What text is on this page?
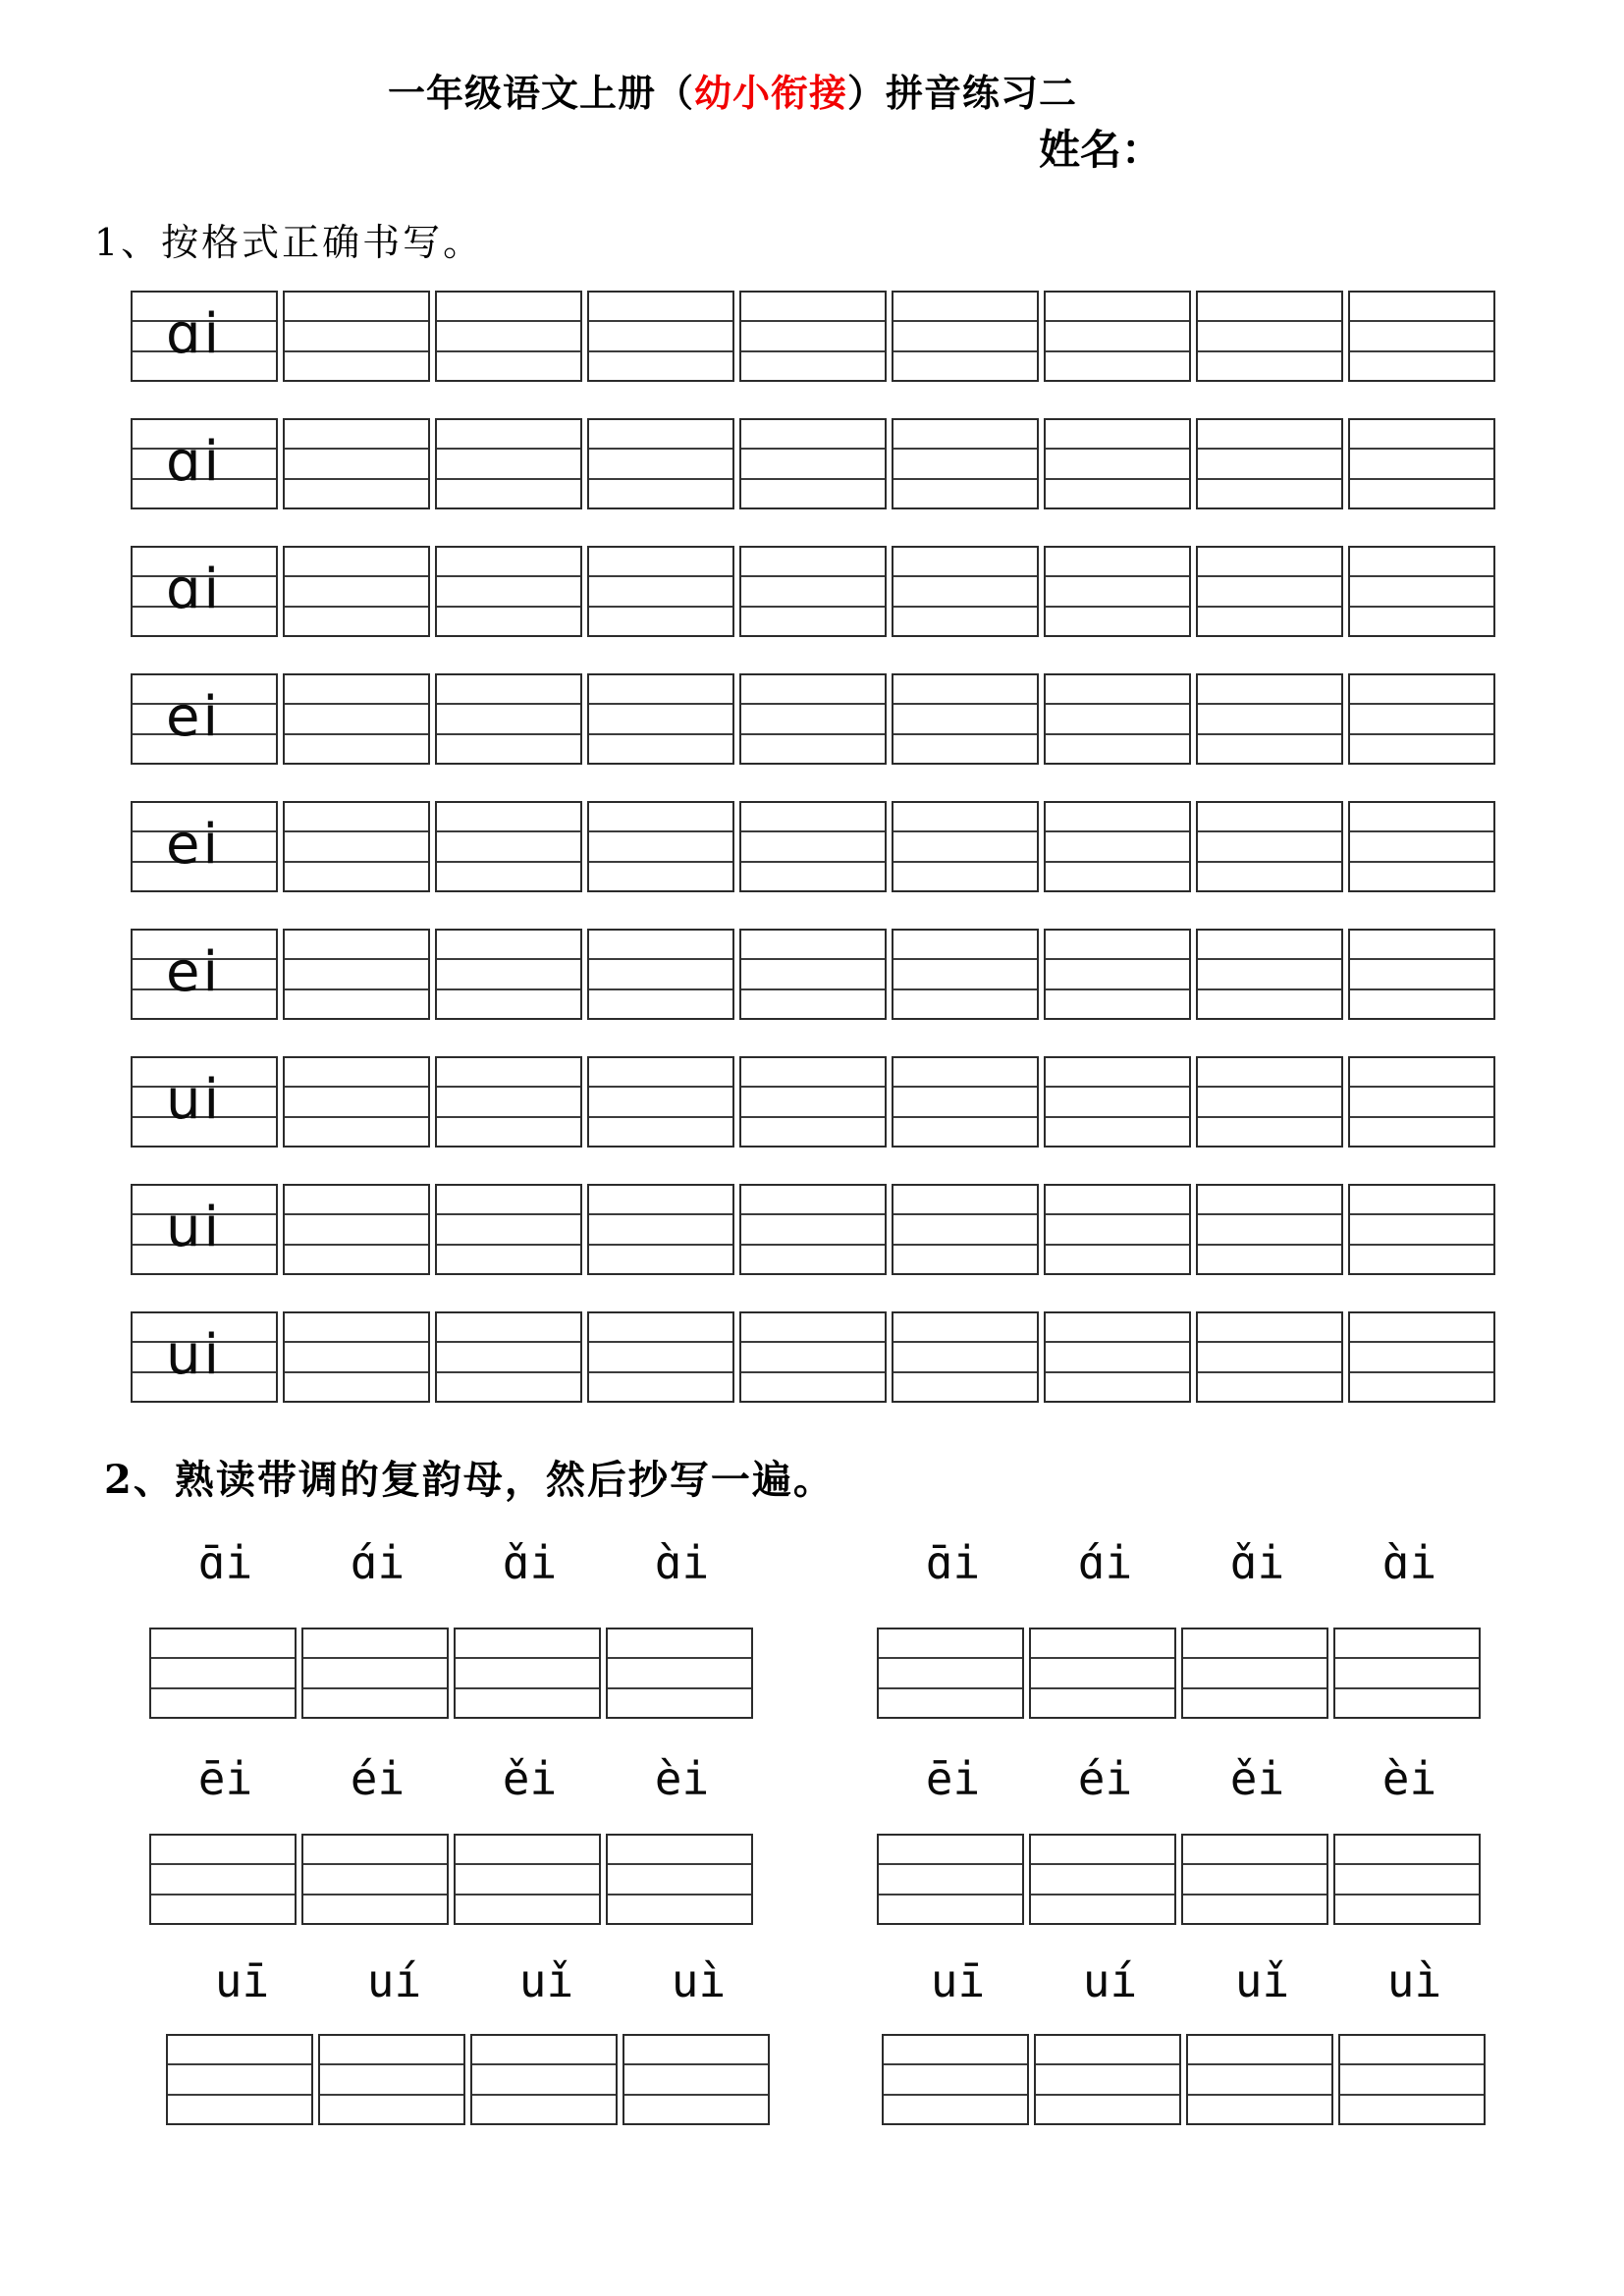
一年级语文上册（幼小衔接）拼音练习二
姓名：
1、按格式正确书写。
ɑi
ɑi
ɑi
ei
ei
ei
ui
ui
ui
2、熟读带调的复韵母，然后抄写一遍。
ɑ̄i	ɑ́i	ɑ̌i	ɑ̀i	ɑ̄i	ɑ́i	ɑ̌i	ɑ̀i
ēi	éi	ěi	èi	ēi	éi	ěi	èi
uī	uí	uǐ	uì	uī	uí	uǐ	uì
